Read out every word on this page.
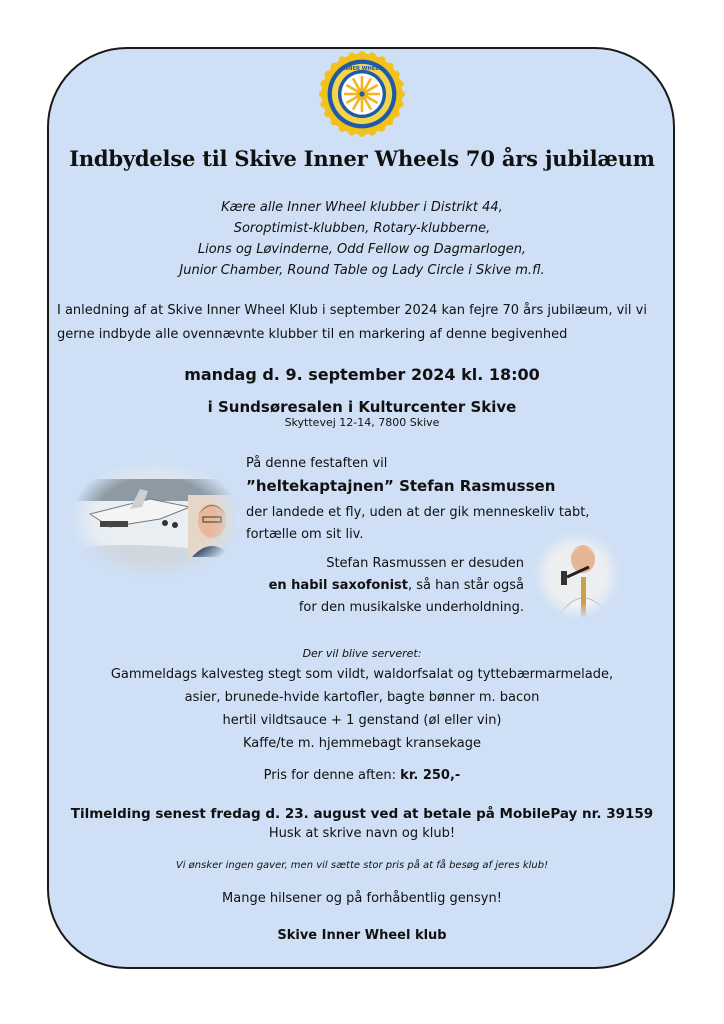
INNER WHEEL
Indbydelse til Skive Inner Wheels 70 års jubilæum
Kære alle Inner Wheel klubber i Distrikt 44,
Soroptimist-klubben, Rotary-klubberne,
Lions og Løvinderne, Odd Fellow og Dagmarlogen,
Junior Chamber, Round Table og Lady Circle i Skive m.fl.
I anledning af at Skive Inner Wheel Klub i september 2024 kan fejre 70 års jubilæum, vil vi
gerne indbyde alle ovennævnte klubber til en markering af denne begivenhed
mandag d. 9. september 2024 kl. 18:00
i Sundsøresalen i Kulturcenter Skive
Skyttevej 12-14, 7800 Skive
På denne festaften vil
”heltekaptajnen” Stefan Rasmussen
der landede et fly, uden at der gik menneskeliv tabt,
fortælle om sit liv.
Stefan Rasmussen er desuden
en habil saxofonist, så han står også
for den musikalske underholdning.
Der vil blive serveret:
Gammeldags kalvesteg stegt som vildt, waldorfsalat og tyttebærmarmelade,
asier, brunede-hvide kartofler, bagte bønner m. bacon
hertil vildtsauce + 1 genstand (øl eller vin)
Kaffe/te m. hjemmebagt kransekage
Pris for denne aften: kr. 250,-
Tilmelding senest fredag d. 23. august ved at betale på MobilePay nr. 39159
Husk at skrive navn og klub!
Vi ønsker ingen gaver, men vil sætte stor pris på at få besøg af jeres klub!
Mange hilsener og på forhåbentlig gensyn!
Skive Inner Wheel klub
